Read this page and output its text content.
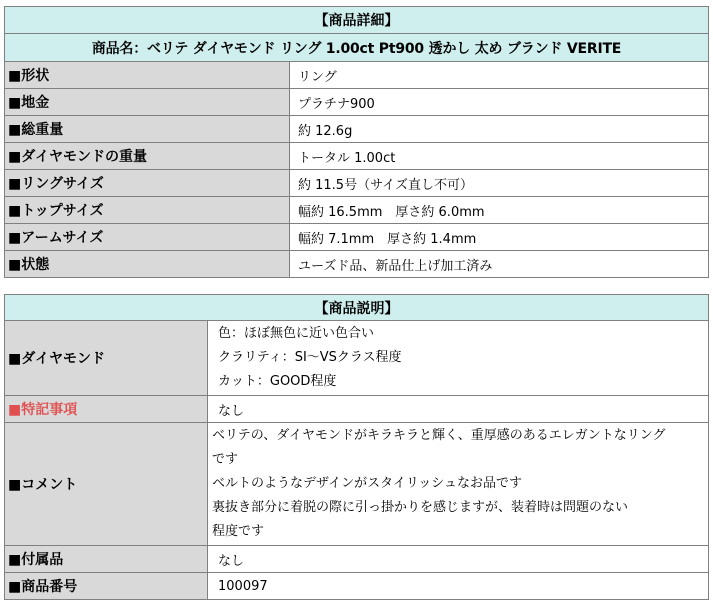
【商品詳細】	
商品名：ベリテ ダイヤモンド リング 1.00ct Pt900 透かし 太め ブランド VERITE	
■形状	リング
■地金	プラチナ900
■総重量	約 12.6g
■ダイヤモンドの重量	トータル 1.00ct
■リングサイズ	約 11.5号（サイズ直し不可）
■トップサイズ	幅約 16.5mm　厚さ約 6.0mm
■アームサイズ	幅約 7.1mm　厚さ約 1.4mm
■状態	ユーズド品、新品仕上げ加工済み
【商品説明】	
■ダイヤモンド	色：ほぼ無色に近い色合い
クラリティ：SI～VSクラス程度
カット：GOOD程度

■特記事項	なし
■コメント	ベリテの、ダイヤモンドがキラキラと輝く、重厚感のあるエレガントなリング
です
ベルトのようなデザインがスタイリッシュなお品です
裏抜き部分に着脱の際に引っ掛かりを感じますが、装着時は問題のない
程度です

■付属品	なし
■商品番号	100097
